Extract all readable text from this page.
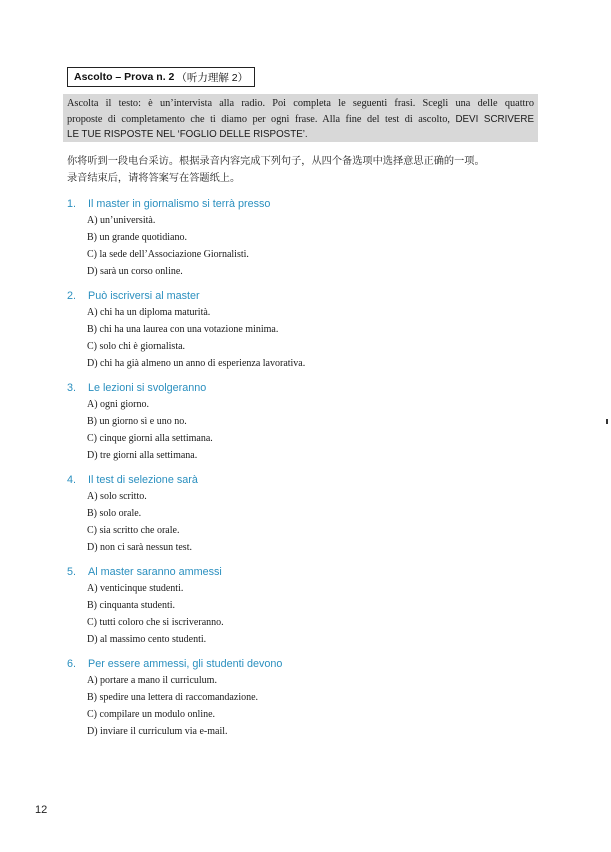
Ascolto – Prova n. 2 （听力理解 2）
Ascolta il testo: è un’intervista alla radio. Poi completa le seguenti frasi. Scegli una delle quattro
proposte di completamento che ti diamo per ogni frase. Alla fine del test di ascolto, DEVI SCRIVERE
LE TUE RISPOSTE NEL ‘FOGLIO DELLE RISPOSTE’.
你将听到一段电台采访。根据录音内容完成下列句子，从四个备选项中选择意思正确的一项。
录音结束后，请将答案写在答题纸上。
1. Il master in giornalismo si terrà presso
A) un’università.
B) un grande quotidiano.
C) la sede dell’Associazione Giornalisti.
D) sarà un corso online.
2. Può iscriversi al master
A) chi ha un diploma maturità.
B) chi ha una laurea con una votazione minima.
C) solo chi è giornalista.
D) chi ha già almeno un anno di esperienza lavorativa.
3. Le lezioni si svolgeranno
A) ogni giorno.
B) un giorno sì e uno no.
C) cinque giorni alla settimana.
D) tre giorni alla settimana.
4. Il test di selezione sarà
A) solo scritto.
B) solo orale.
C) sia scritto che orale.
D) non ci sarà nessun test.
5. Al master saranno ammessi
A) venticinque studenti.
B) cinquanta studenti.
C) tutti coloro che si iscriveranno.
D) al massimo cento studenti.
6. Per essere ammessi, gli studenti devono
A) portare a mano il curriculum.
B) spedire una lettera di raccomandazione.
C) compilare un modulo online.
D) inviare il curriculum via e-mail.
12
